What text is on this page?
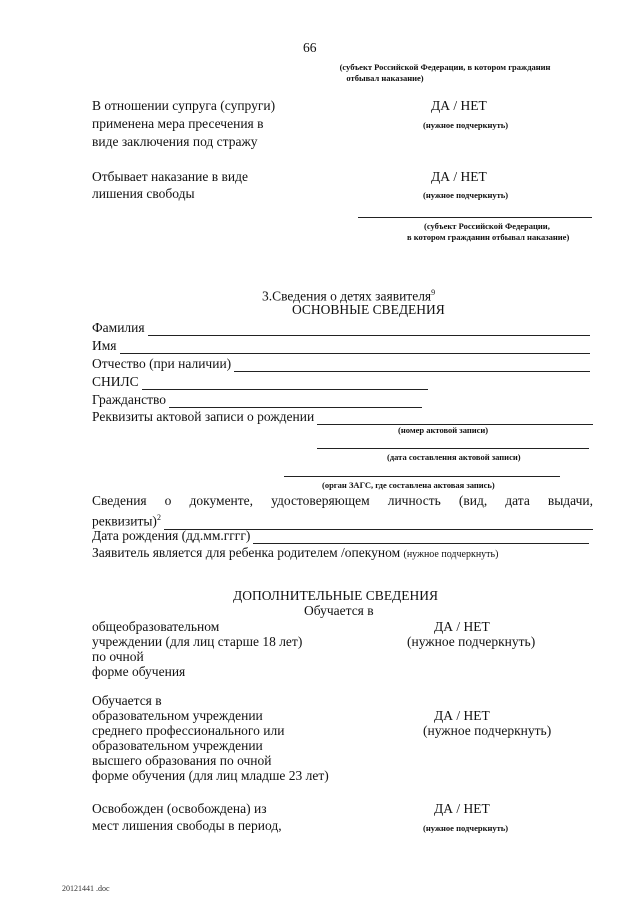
66
(субъект Российской Федерации, в котором гражданин
отбывал наказание)
В отношении супруга (супруги)
применена мера пресечения в
виде заключения под стражу
ДА / НЕТ
(нужное подчеркнуть)
Отбывает наказание в виде
лишения свободы
ДА / НЕТ
(нужное подчеркнуть)
(субъект Российской Федерации,
в котором гражданин отбывал наказание)
3.Сведения о детях заявителя$^9$
ОСНОВНЫЕ СВЕДЕНИЯ
Фамилия
Имя
Отчество (при наличии)
СНИЛС
Гражданство
Реквизиты актовой записи о рождении
(номер актовой записи)
(дата составления актовой записи)
(орган ЗАГС, где составлена актовая запись)
Сведения о документе, удостоверяющем личность (вид, дата выдачи,
реквизиты)$^2$
Дата рождения (дд.мм.гггг)
Заявитель является для ребенка родителем /опекуном (нужное подчеркнуть)
ДОПОЛНИТЕЛЬНЫЕ СВЕДЕНИЯ
Обучается в
общеобразовательном
учреждении (для лиц старше 18 лет)
по очной
форме обучения
ДА / НЕТ
(нужное подчеркнуть)
Обучается в
образовательном учреждении
среднего профессионального или
образовательном учреждении
высшего образования по очной
форме обучения (для лиц младше 23 лет)
ДА / НЕТ
(нужное подчеркнуть)
Освобожден (освобождена) из
мест лишения свободы в период,
ДА / НЕТ
(нужное подчеркнуть)
20121441 .doc
